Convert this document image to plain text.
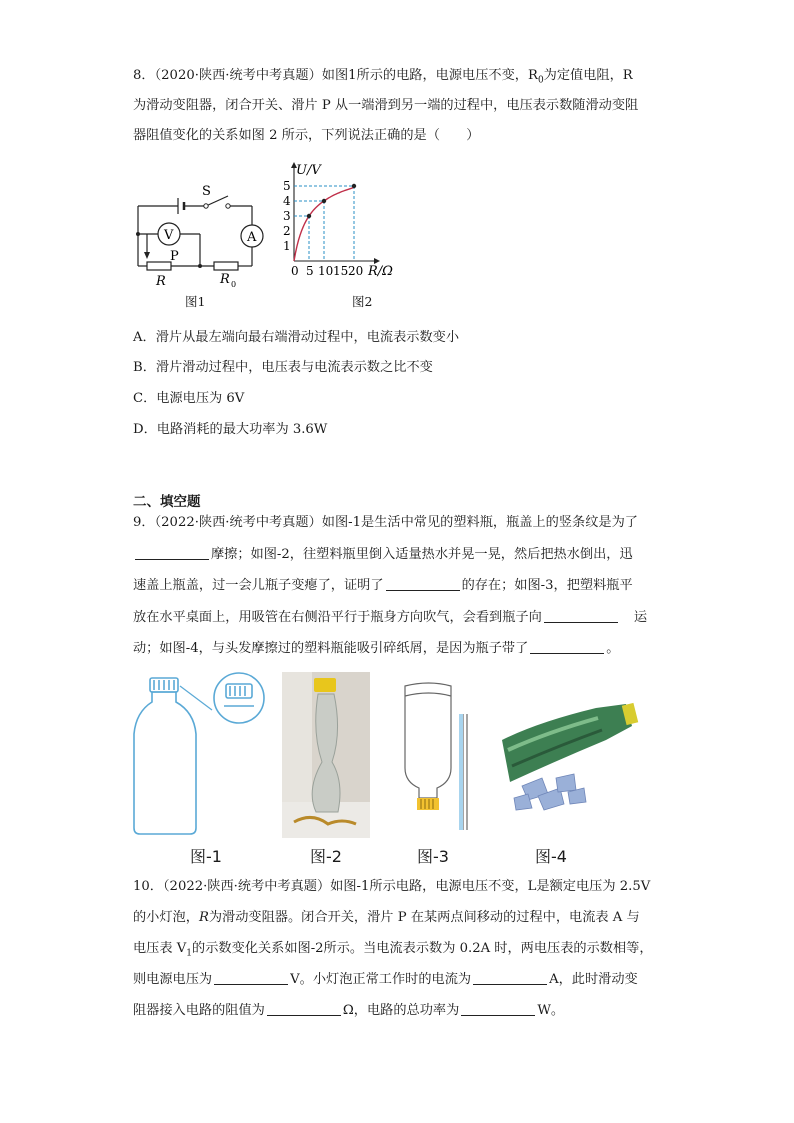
8．（2020·陕西·统考中考真题）如图1所示的电路，电源电压不变，$R_0$为定值电阻，R
为滑动变阻器，闭合开关、滑片 P 从一端滑到另一端的过程中，电压表示数随滑动变阻
器阻值变化的关系如图 2 所示，下列说法正确的是（　　）
S
V	A
P
R	R 0
0 5 10 15 20
1
2
3
4
5
U/V
R/Ω
图1	图2
A．滑片从最左端向最右端滑动过程中，电流表示数变小
B．滑片滑动过程中，电压表与电流表示数之比不变
C．电源电压为 6V
D．电路消耗的最大功率为 3.6W
二、填空题
9．（2022·陕西·统考中考真题）如图-1是生活中常见的塑料瓶，瓶盖上的竖条纹是为了
摩擦；如图-2，往塑料瓶里倒入适量热水并晃一晃，然后把热水倒出，迅
速盖上瓶盖，过一会儿瓶子变瘪了，证明了	的存在；如图-3，把塑料瓶平
放在水平桌面上，用吸管在右侧沿平行于瓶身方向吹气，会看到瓶子向	运
动；如图-4，与头发摩擦过的塑料瓶能吸引碎纸屑，是因为瓶子带了	。
图-1	图-2	图-3	图-4
10．（2022·陕西·统考中考真题）如图-1所示电路，电源电压不变，L是额定电压为 2.5V
的小灯泡，R为滑动变阻器。闭合开关，滑片 P 在某两点间移动的过程中，电流表 A 与
电压表 $V_1$的示数变化关系如图-2所示。当电流表示数为 0.2A 时，两电压表的示数相等，
则电源电压为	V。小灯泡正常工作时的电流为	A，此时滑动变
阻器接入电路的阻值为	Ω，电路的总功率为	W。
